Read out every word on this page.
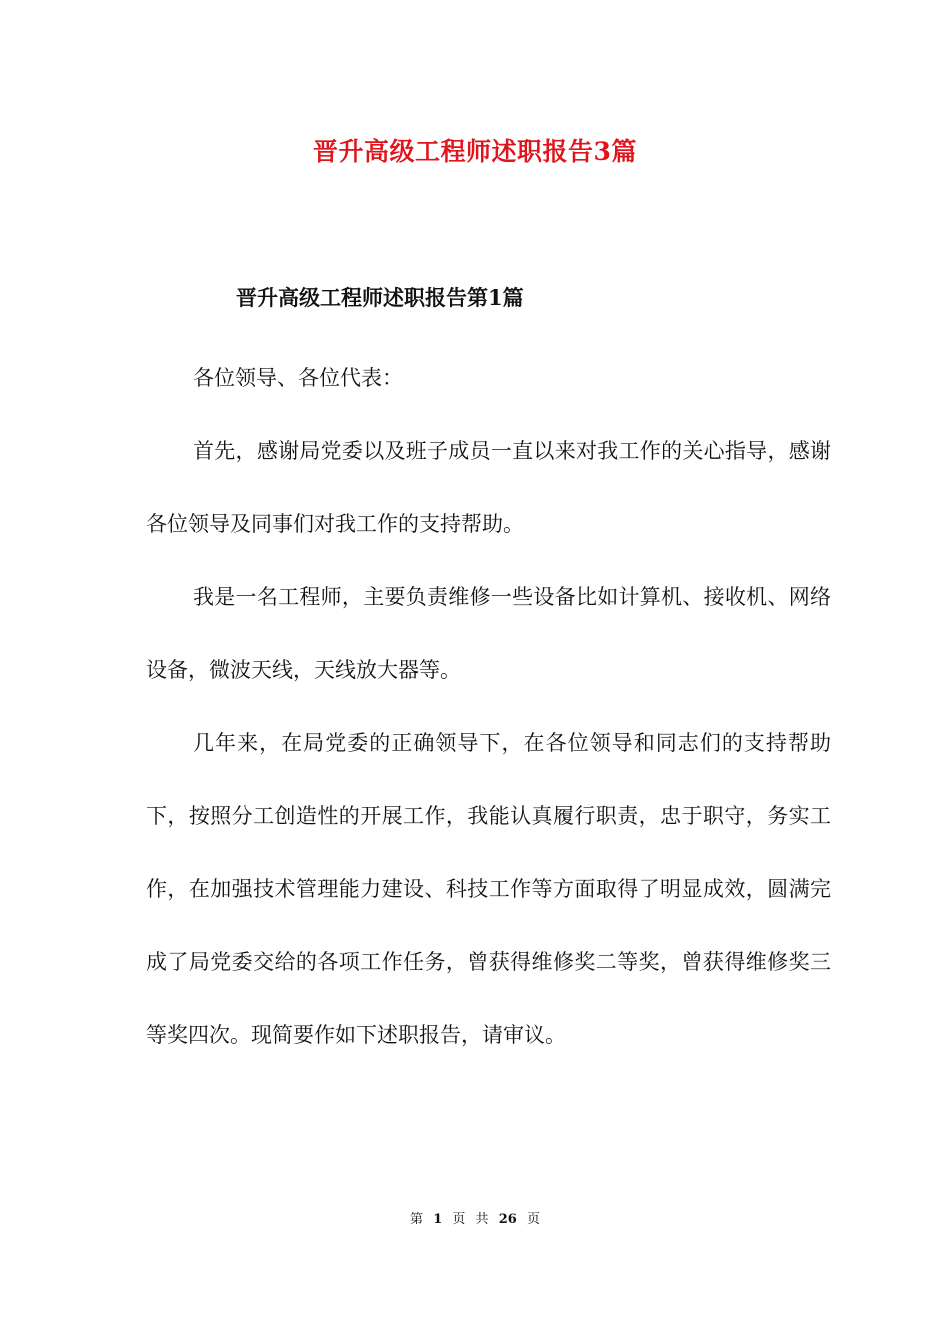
晋升高级工程师述职报告3篇
晋升高级工程师述职报告第1篇

各位领导、各位代表：

首先，感谢局党委以及班子成员一直以来对我工作的关心指导，感谢各位领导及同事们对我工作的支持帮助。

我是一名工程师，主要负责维修一些设备比如计算机、接收机、网络设备，微波天线，天线放大器等。

几年来，在局党委的正确领导下，在各位领导和同志们的支持帮助下，按照分工创造性的开展工作，我能认真履行职责，忠于职守，务实工作，在加强技术管理能力建设、科技工作等方面取得了明显成效，圆满完成了局党委交给的各项工作任务，曾获得维修奖二等奖，曾获得维修奖三等奖四次。现简要作如下述职报告，请审议。

第 1 页 共 26 页
